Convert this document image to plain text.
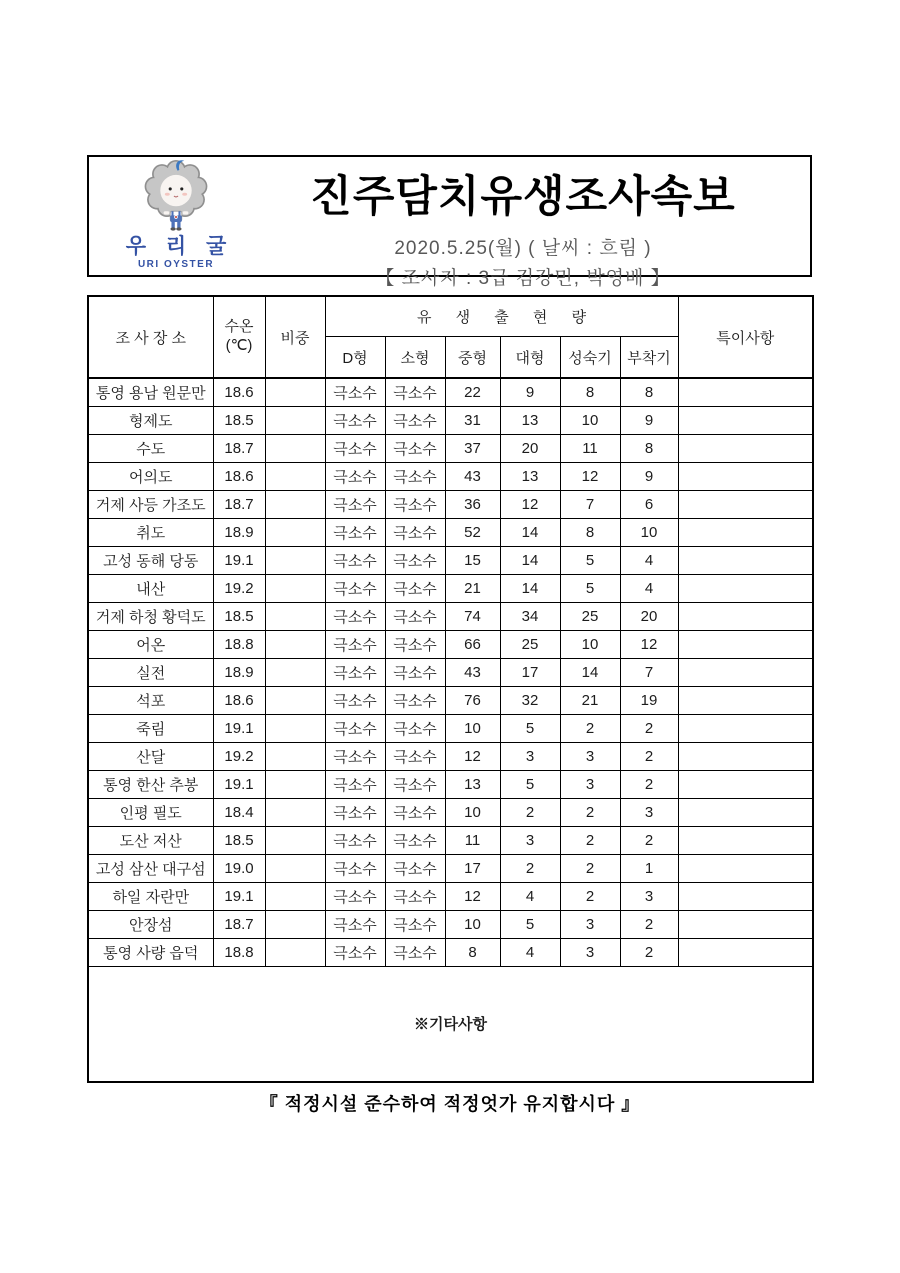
우 리 굴
URI OYSTER
진주담치유생조사속보
2020.5.25(월) ( 날씨 : 흐림 )
【 조사자 : 3급 김강민, 박영배 】
조 사 장 소	수온
(℃)	비중	유 생 출 현 량						특이사항
			D형	소형	중형	대형	성숙기	부착기	
통영 용남 원문만	18.6		극소수	극소수	22	9	8	8	
형제도	18.5		극소수	극소수	31	13	10	9	
수도	18.7		극소수	극소수	37	20	11	8	
어의도	18.6		극소수	극소수	43	13	12	9	
거제 사등 가조도	18.7		극소수	극소수	36	12	7	6	
취도	18.9		극소수	극소수	52	14	8	10	
고성 동해 당동	19.1		극소수	극소수	15	14	5	4	
내산	19.2		극소수	극소수	21	14	5	4	
거제 하청 황덕도	18.5		극소수	극소수	74	34	25	20	
어온	18.8		극소수	극소수	66	25	10	12	
실전	18.9		극소수	극소수	43	17	14	7	
석포	18.6		극소수	극소수	76	32	21	19	
죽림	19.1		극소수	극소수	10	5	2	2	
산달	19.2		극소수	극소수	12	3	3	2	
통영 한산 추봉	19.1		극소수	극소수	13	5	3	2	
인평 필도	18.4		극소수	극소수	10	2	2	3	
도산 저산	18.5		극소수	극소수	11	3	2	2	
고성 삼산 대구섬	19.0		극소수	극소수	17	2	2	1	
하일 자란만	19.1		극소수	극소수	12	4	2	3	
안장섬	18.7		극소수	극소수	10	5	3	2	
통영 사량 읍덕	18.8		극소수	극소수	8	4	3	2	
※기타사항									
『 적정시설 준수하여 적정엇가 유지합시다 』
